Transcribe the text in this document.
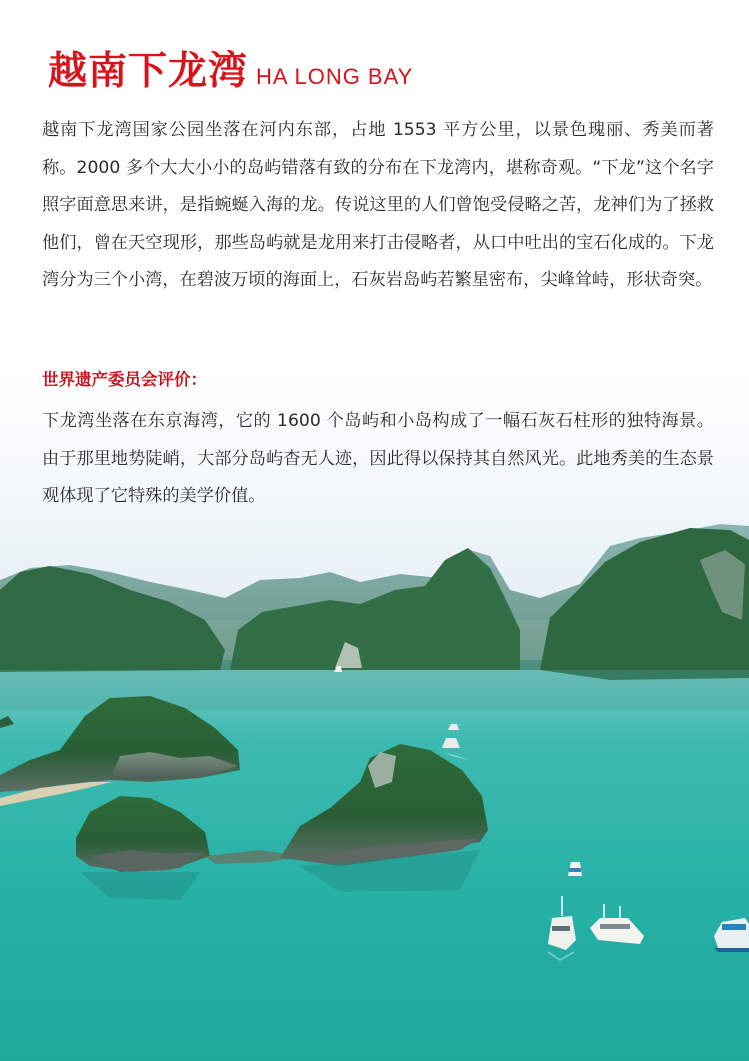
越南下龙湾 HA LONG BAY

越南下龙湾国家公园坐落在河内东部，占地 1553 平方公里，以景色瑰丽、秀美而著称。2000 多个大大小小的岛屿错落有致的分布在下龙湾内，堪称奇观。“下龙”这个名字照字面意思来讲，是指蜿蜒入海的龙。传说这里的人们曾饱受侵略之苦，龙神们为了拯救他们，曾在天空现形，那些岛屿就是龙用来打击侵略者，从口中吐出的宝石化成的。下龙湾分为三个小湾，在碧波万顷的海面上，石灰岩岛屿若繁星密布，尖峰耸峙，形状奇突。

世界遗产委员会评价：

下龙湾坐落在东京海湾，它的 1600 个岛屿和小岛构成了一幅石灰石柱形的独特海景。由于那里地势陡峭，大部分岛屿杳无人迹，因此得以保持其自然风光。此地秀美的生态景观体现了它特殊的美学价值。
